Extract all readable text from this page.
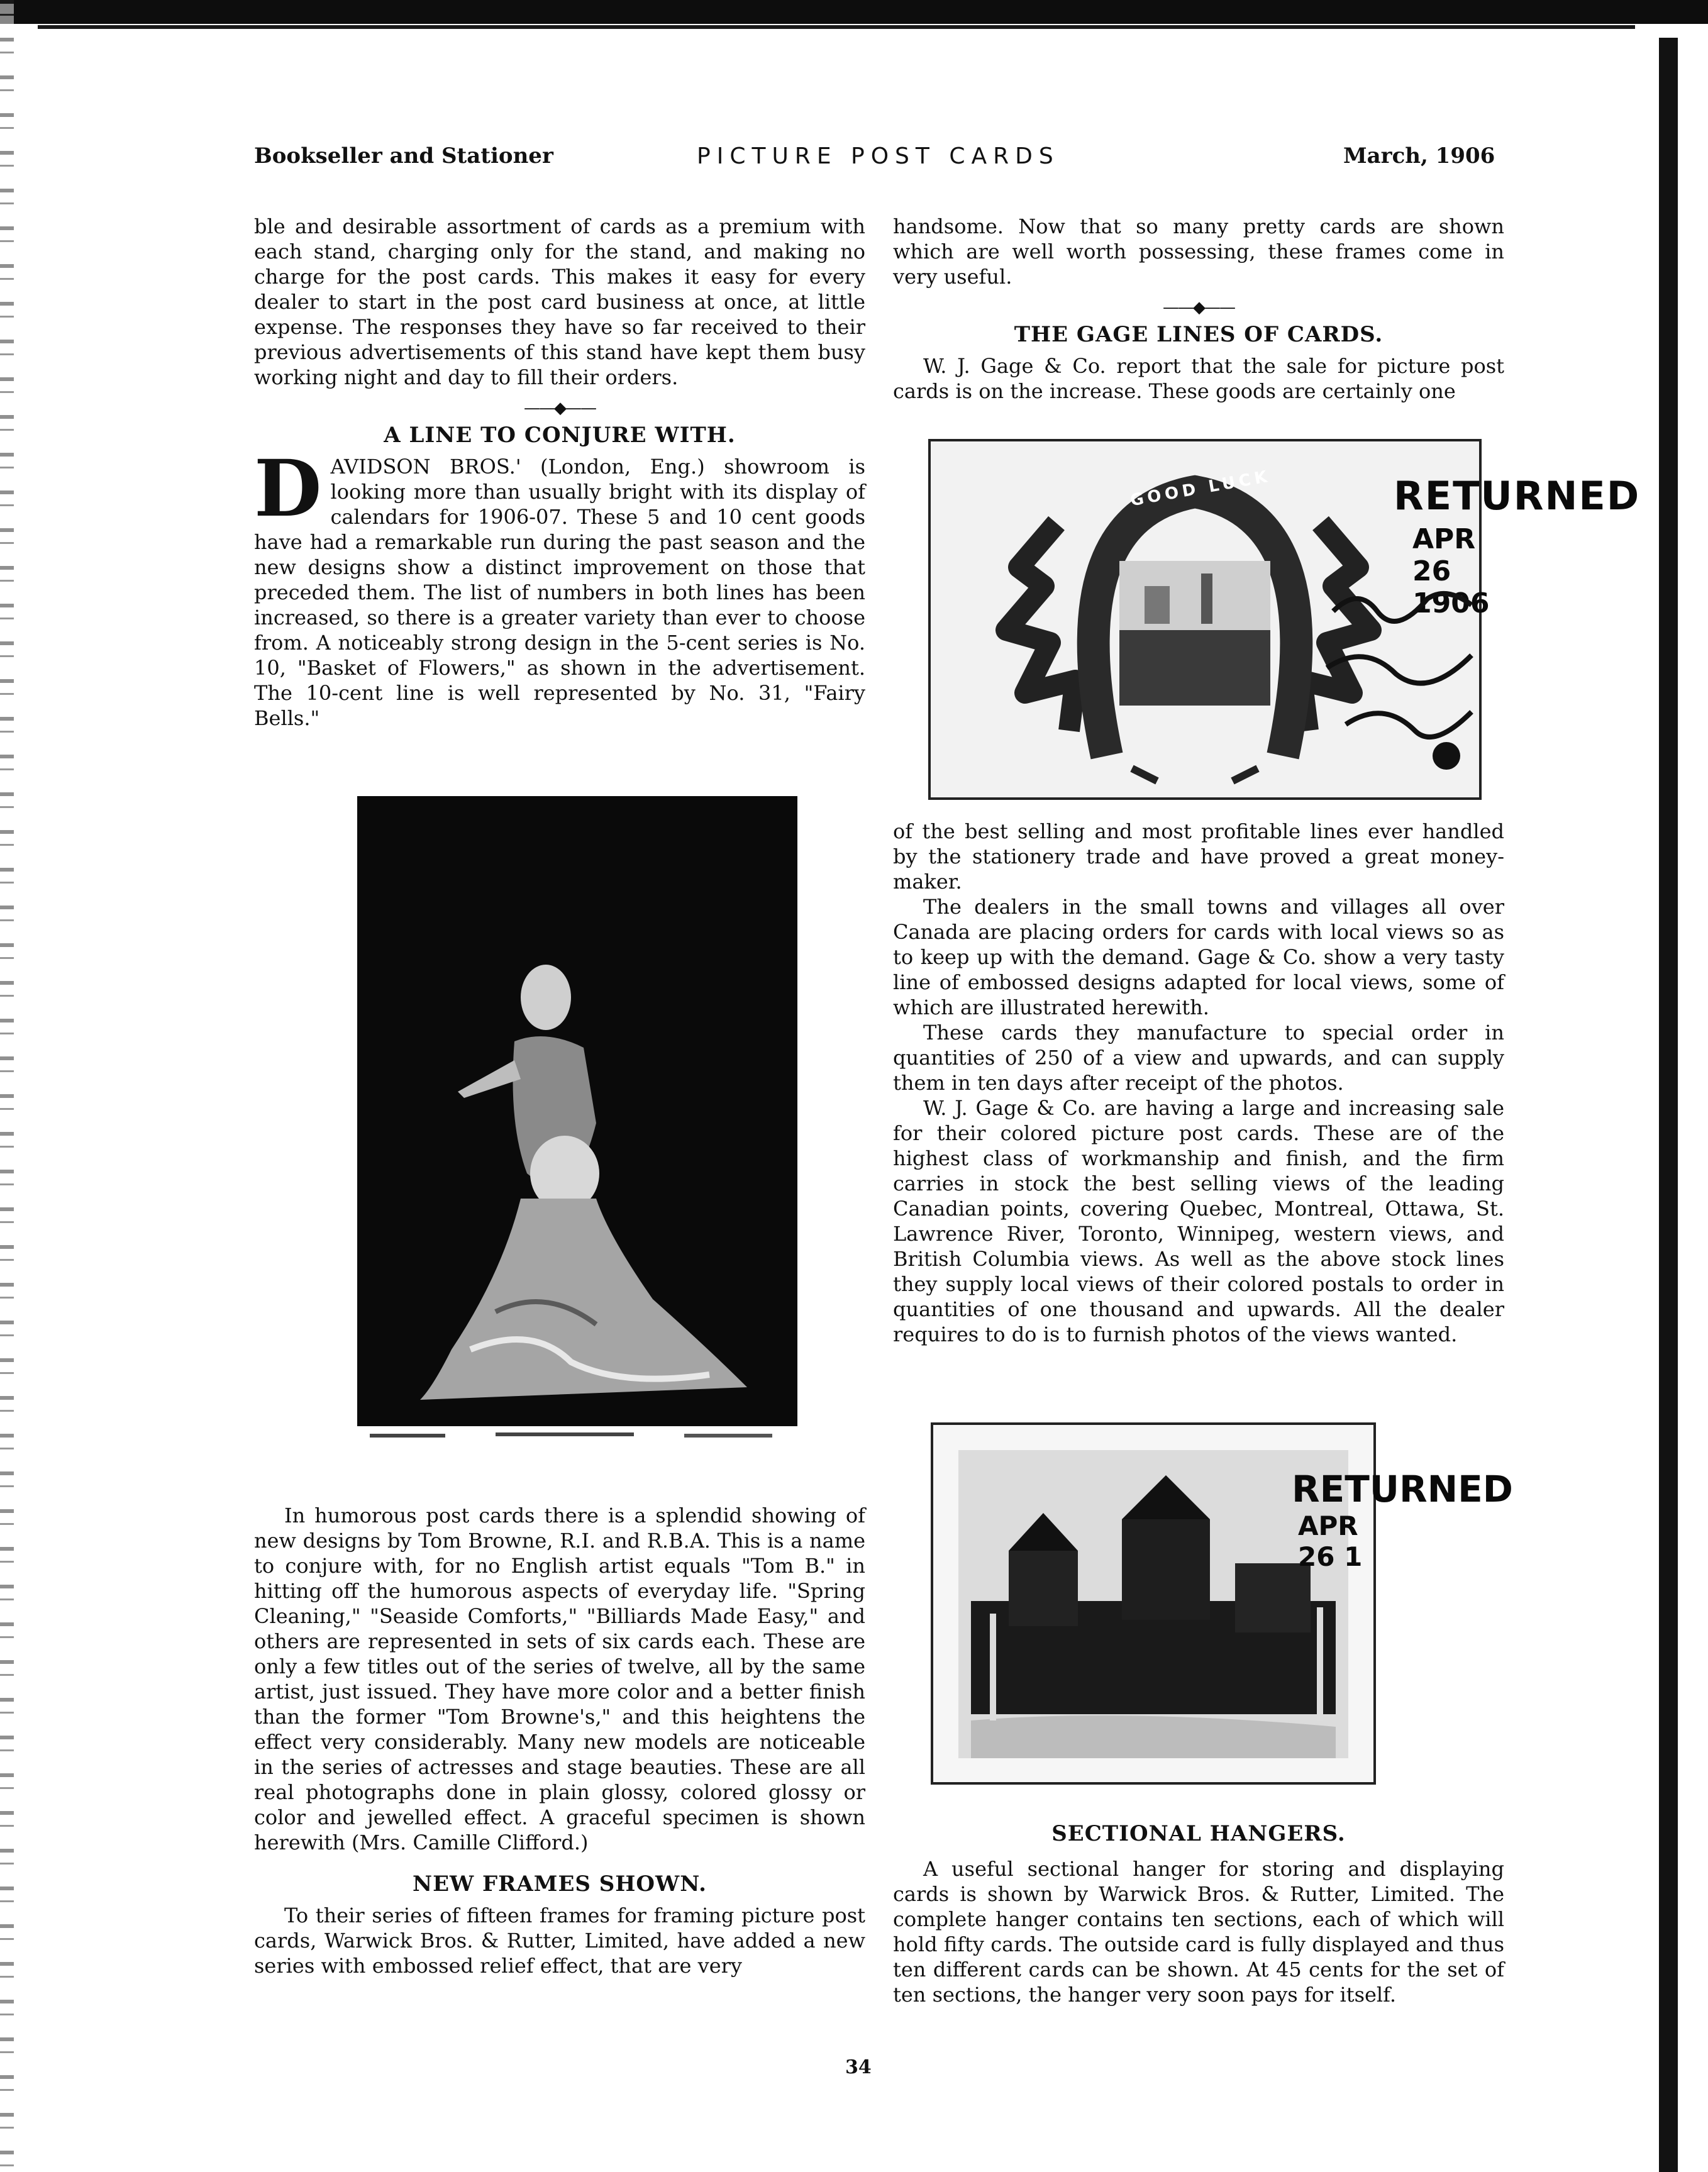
Bookseller and Stationer	PICTURE POST CARDS	March, 1906

ble and desirable assortment of cards as a premium with each stand, charging only for the stand, and making no charge for the post cards. This makes it easy for every dealer to start in the post card business at once, at little expense. The responses they have so far received to their previous advertisements of this stand have kept them busy working night and day to fill their orders.

——◆——
A LINE TO CONJURE WITH.

DAVIDSON BROS.' (London, Eng.) showroom is looking more than usually bright with its display of calendars for 1906-07. These 5 and 10 cent goods have had a remarkable run during the past season and the new designs show a distinct improvement on those that preceded them. The list of numbers in both lines has been increased, so there is a greater variety than ever to choose from. A noticeably strong design in the 5-cent series is No. 10, "Basket of Flowers," as shown in the advertisement. The 10-cent line is well represented by No. 31, "Fairy Bells."

In humorous post cards there is a splendid showing of new designs by Tom Browne, R.I. and R.B.A. This is a name to conjure with, for no English artist equals "Tom B." in hitting off the humorous aspects of everyday life. "Spring Cleaning," "Seaside Comforts," "Billiards Made Easy," and others are represented in sets of six cards each. These are only a few titles out of the series of twelve, all by the same artist, just issued. They have more color and a better finish than the former "Tom Browne's," and this heightens the effect very considerably. Many new models are noticeable in the series of actresses and stage beauties. These are all real photographs done in plain glossy, colored glossy or color and jewelled effect. A graceful specimen is shown herewith (Mrs. Camille Clifford.)

NEW FRAMES SHOWN.

To their series of fifteen frames for framing picture post cards, Warwick Bros. & Rutter, Limited, have added a new series with embossed relief effect, that are very

handsome. Now that so many pretty cards are shown which are well worth possessing, these frames come in very useful.

——◆——
THE GAGE LINES OF CARDS.

W. J. Gage & Co. report that the sale for picture post cards is on the increase. These goods are certainly one

GOOD LUCK	RETURNED
APR 26 1906

of the best selling and most profitable lines ever handled by the stationery trade and have proved a great money-maker.

The dealers in the small towns and villages all over Canada are placing orders for cards with local views so as to keep up with the demand. Gage & Co. show a very tasty line of embossed designs adapted for local views, some of which are illustrated herewith.

These cards they manufacture to special order in quantities of 250 of a view and upwards, and can supply them in ten days after receipt of the photos.

W. J. Gage & Co. are having a large and increasing sale for their colored picture post cards. These are of the highest class of workmanship and finish, and the firm carries in stock the best selling views of the leading Canadian points, covering Quebec, Montreal, Ottawa, St. Lawrence River, Toronto, Winnipeg, western views, and British Columbia views. As well as the above stock lines they supply local views of their colored postals to order in quantities of one thousand and upwards. All the dealer requires to do is to furnish photos of the views wanted.

RETURNED
APR 26 1
SECTIONAL HANGERS.

A useful sectional hanger for storing and displaying cards is shown by Warwick Bros. & Rutter, Limited. The complete hanger contains ten sections, each of which will hold fifty cards. The outside card is fully displayed and thus ten different cards can be shown. At 45 cents for the set of ten sections, the hanger very soon pays for itself.

34
